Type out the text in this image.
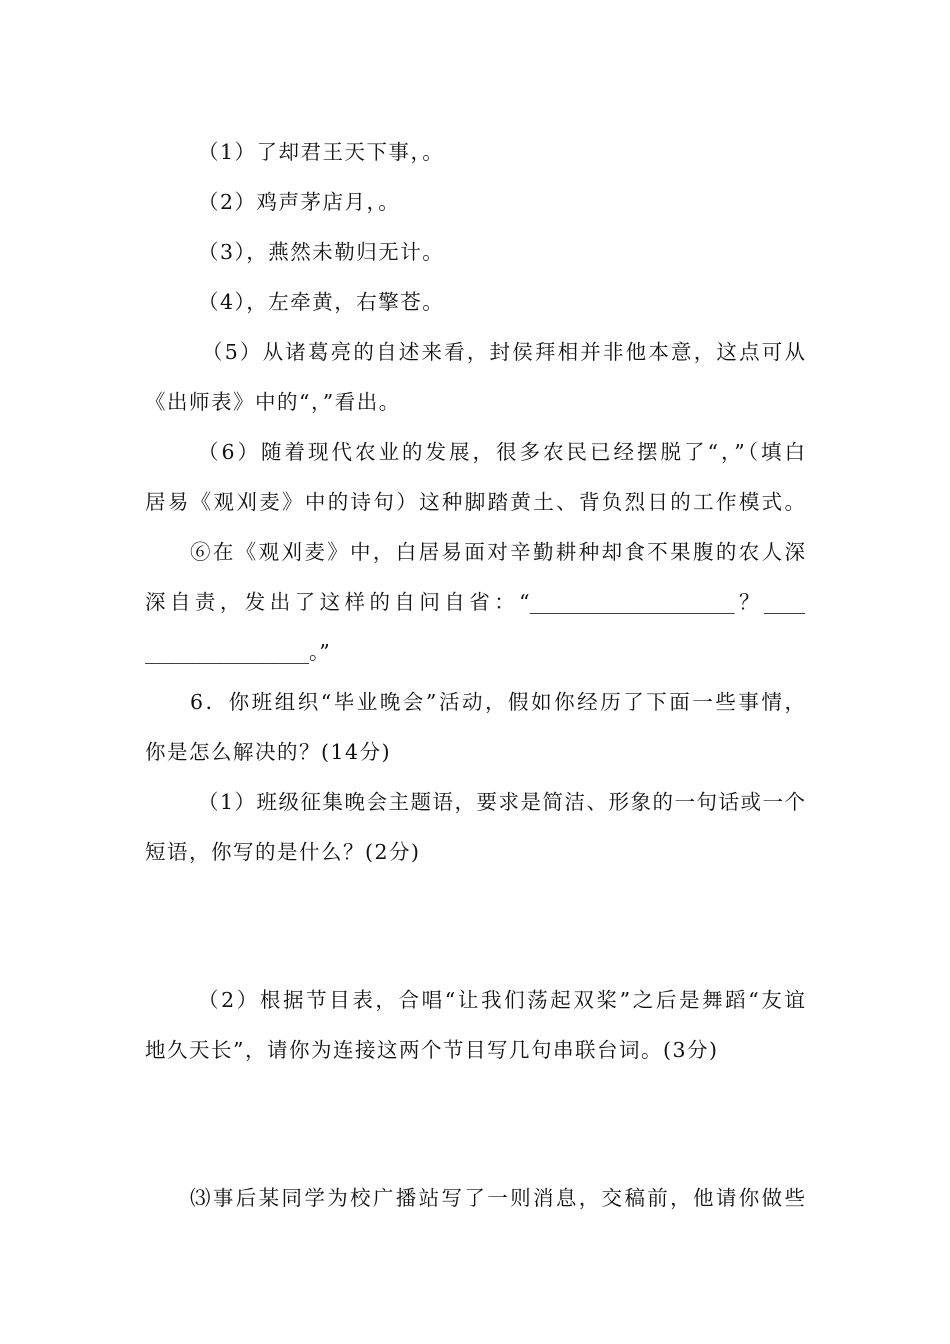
（1）了却君王天下事，。
（2）鸡声茅店月，。
（3），燕然未勒归无计。
（4），左牵黄，右擎苍。
（5）从诸葛亮的自述来看，封侯拜相并非他本意，这点可从
《出师表》中的“，”看出。
（6）随着现代农业的发展，很多农民已经摆脱了“，”（填白
居易《观刈麦》中的诗句）这种脚踏黄土、背负烈日的工作模式。
⑥在《观刈麦》中，白居易面对辛勤耕种却食不果腹的农人深
深自责，发出了这样的自问自省：“____________________？____
________________。”
6．你班组织“毕业晚会”活动，假如你经历了下面一些事情，
你是怎么解决的？(14分)
（1）班级征集晚会主题语，要求是简洁、形象的一句话或一个
短语，你写的是什么？(2分)
（2）根据节目表，合唱“让我们荡起双桨”之后是舞蹈“友谊
地久天长”，请你为连接这两个节目写几句串联台词。(3分)
⑶事后某同学为校广播站写了一则消息，交稿前，他请你做些
